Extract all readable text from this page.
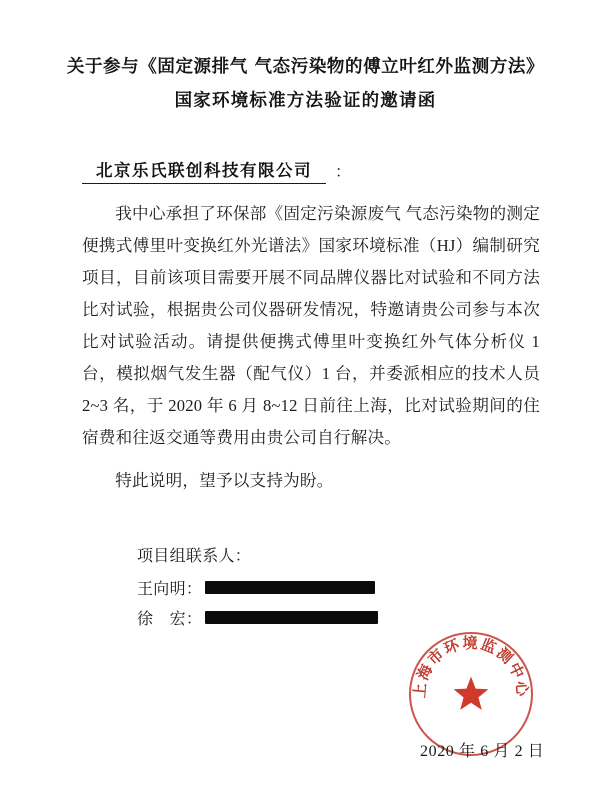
关于参与《固定源排气 气态污染物的傅立叶红外监测方法》
国家环境标准方法验证的邀请函
北京乐氏联创科技有限公司	：

我中心承担了环保部《固定污染源废气 气态污染物的测定 便携式傅里叶变换红外光谱法》国家环境标准（HJ）编制研究项目，目前该项目需要开展不同品牌仪器比对试验和不同方法比对试验，根据贵公司仪器研发情况，特邀请贵公司参与本次比对试验活动。请提供便携式傅里叶变换红外气体分析仪 1 台，模拟烟气发生器（配气仪）1 台，并委派相应的技术人员 2~3 名，于 2020 年 6 月 8~12 日前往上海，比对试验期间的住宿费和往返交通等费用由贵公司自行解决。

特此说明，望予以支持为盼。

项目组联系人：
王向明：
徐　宏：
上海市环境监测中心
2020 年 6 月 2 日
